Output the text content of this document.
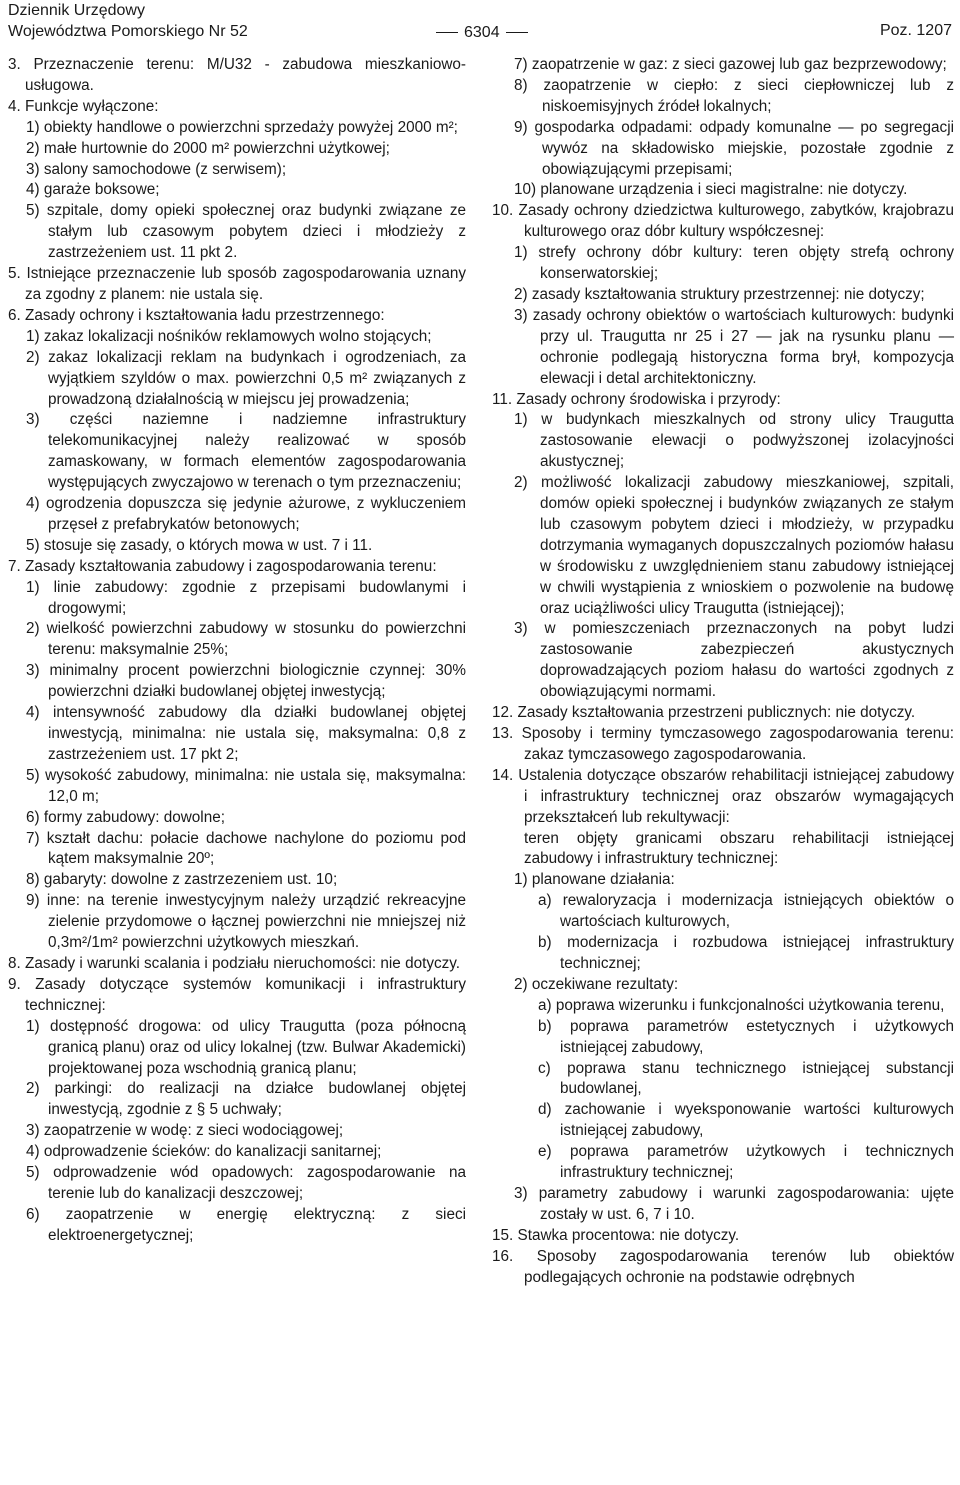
Dziennik Urzędowy
Województwa Pomorskiego Nr 52	6304	Poz. 1207
3. Przeznaczenie terenu: M/U32 - zabudowa mieszkaniowo-usługowa.
4. Funkcje wyłączone:
1) obiekty handlowe o powierzchni sprzedaży powyżej 2000 m²;
2) małe hurtownie do 2000 m² powierzchni użytkowej;
3) salony samochodowe (z serwisem);
4) garaże boksowe;
5) szpitale, domy opieki społecznej oraz budynki związane ze stałym lub czasowym pobytem dzieci i młodzieży z zastrzeżeniem ust. 11 pkt 2.
5. Istniejące przeznaczenie lub sposób zagospodarowania uznany za zgodny z planem: nie ustala się.
6. Zasady ochrony i kształtowania ładu przestrzennego:
1) zakaz lokalizacji nośników reklamowych wolno stojących;
2) zakaz lokalizacji reklam na budynkach i ogrodzeniach, za wyjątkiem szyldów o max. powierzchni 0,5 m² związanych z prowadzoną działalnością w miejscu jej prowadzenia;
3) części naziemne i nadziemne infrastruktury telekomunikacyjnej należy realizować w sposób zamaskowany, w formach elementów zagospodarowania występujących zwyczajowo w terenach o tym przeznaczeniu;
4) ogrodzenia dopuszcza się jedynie ażurowe, z wykluczeniem przęseł z prefabrykatów betonowych;
5) stosuje się zasady, o których mowa w ust. 7 i 11.
7. Zasady kształtowania zabudowy i zagospodarowania terenu:
1) linie zabudowy: zgodnie z przepisami budowlanymi i drogowymi;
2) wielkość powierzchni zabudowy w stosunku do powierzchni terenu: maksymalnie 25%;
3) minimalny procent powierzchni biologicznie czynnej: 30% powierzchni działki budowlanej objętej inwestycją;
4) intensywność zabudowy dla działki budowlanej objętej inwestycją, minimalna: nie ustala się, maksymalna: 0,8 z zastrzeżeniem ust. 17 pkt 2;
5) wysokość zabudowy, minimalna: nie ustala się, maksymalna: 12,0 m;
6) formy zabudowy: dowolne;
7) kształt dachu: połacie dachowe nachylone do poziomu pod kątem maksymalnie 20º;
8) gabaryty: dowolne z zastrzezeniem ust. 10;
9) inne: na terenie inwestycyjnym należy urządzić rekreacyjne zielenie przydomowe o łącznej powierzchni nie mniejszej niż 0,3m²/1m² powierzchni użytkowych mieszkań.
8. Zasady i warunki scalania i podziału nieruchomości: nie dotyczy.
9. Zasady dotyczące systemów komunikacji i infrastruktury technicznej:
1) dostępność drogowa: od ulicy Traugutta (poza północną granicą planu) oraz od ulicy lokalnej (tzw. Bulwar Akademicki) projektowanej poza wschodnią granicą planu;
2) parkingi: do realizacji na działce budowlanej objętej inwestycją, zgodnie z § 5 uchwały;
3) zaopatrzenie w wodę: z sieci wodociągowej;
4) odprowadzenie ścieków: do kanalizacji sanitarnej;
5) odprowadzenie wód opadowych: zagospodarowanie na terenie lub do kanalizacji deszczowej;
6) zaopatrzenie w energię elektryczną: z sieci elektroenergetycznej;
7) zaopatrzenie w gaz: z sieci gazowej lub gaz bezprzewodowy;
8) zaopatrzenie w ciepło: z sieci ciepłowniczej lub z niskoemisyjnych źródeł lokalnych;
9) gospodarka odpadami: odpady komunalne — po segregacji wywóz na składowisko miejskie, pozostałe zgodnie z obowiązującymi przepisami;
10) planowane urządzenia i sieci magistralne: nie dotyczy.
10. Zasady ochrony dziedzictwa kulturowego, zabytków, krajobrazu kulturowego oraz dóbr kultury współczesnej:
1) strefy ochrony dóbr kultury: teren objęty strefą ochrony konserwatorskiej;
2) zasady kształtowania struktury przestrzennej: nie dotyczy;
3) zasady ochrony obiektów o wartościach kulturowych: budynki przy ul. Traugutta nr 25 i 27 — jak na rysunku planu — ochronie podlegają historyczna forma brył, kompozycja elewacji i detal architektoniczny.
11. Zasady ochrony środowiska i przyrody:
1) w budynkach mieszkalnych od strony ulicy Traugutta zastosowanie elewacji o podwyższonej izolacyjności akustycznej;
2) możliwość lokalizacji zabudowy mieszkaniowej, szpitali, domów opieki społecznej i budynków związanych ze stałym lub czasowym pobytem dzieci i młodzieży, w przypadku dotrzymania wymaganych dopuszczalnych poziomów hałasu w środowisku z uwzględnieniem stanu zabudowy istniejącej w chwili wystąpienia z wnioskiem o pozwolenie na budowę oraz uciążliwości ulicy Traugutta (istniejącej);
3) w pomieszczeniach przeznaczonych na pobyt ludzi zastosowanie zabezpieczeń akustycznych doprowadzających poziom hałasu do wartości zgodnych z obowiązującymi normami.
12. Zasady kształtowania przestrzeni publicznych: nie dotyczy.
13. Sposoby i terminy tymczasowego zagospodarowania terenu: zakaz tymczasowego zagospodarowania.
14. Ustalenia dotyczące obszarów rehabilitacji istniejącej zabudowy i infrastruktury technicznej oraz obszarów wymagających przekształceń lub rekultywacji:
teren objęty granicami obszaru rehabilitacji istniejącej zabudowy i infrastruktury technicznej:
1) planowane działania:
a) rewaloryzacja i modernizacja istniejących obiektów o wartościach kulturowych,
b) modernizacja i rozbudowa istniejącej infrastruktury technicznej;
2) oczekiwane rezultaty:
a) poprawa wizerunku i funkcjonalności użytkowania terenu,
b) poprawa parametrów estetycznych i użytkowych istniejącej zabudowy,
c) poprawa stanu technicznego istniejącej substancji budowlanej,
d) zachowanie i wyeksponowanie wartości kulturowych istniejącej zabudowy,
e) poprawa parametrów użytkowych i technicznych infrastruktury technicznej;
3) parametry zabudowy i warunki zagospodarowania: ujęte zostały w ust. 6, 7 i 10.
15. Stawka procentowa: nie dotyczy.
16. Sposoby zagospodarowania terenów lub obiektów podlegających ochronie na podstawie odrębnych
